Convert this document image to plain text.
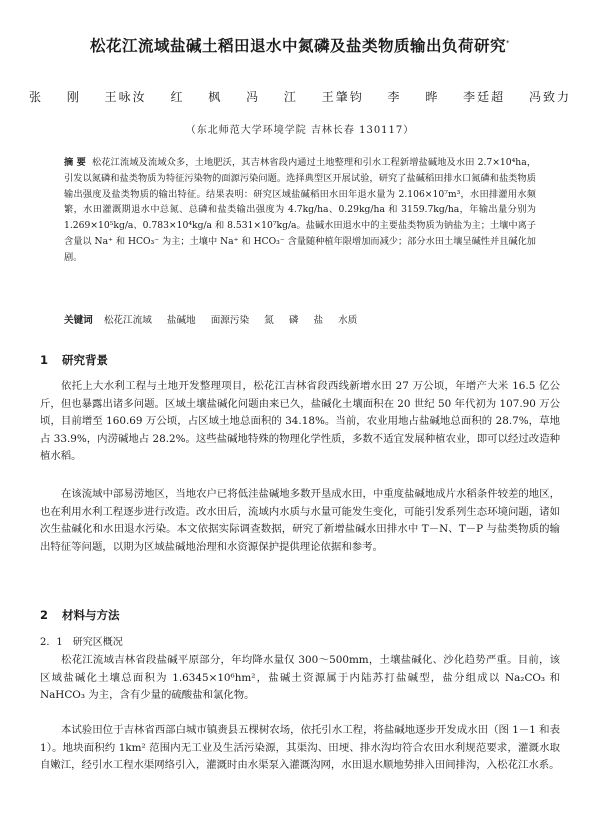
松花江流域盐碱土稻田退水中氮磷及盐类物质输出负荷研究*
张 刚 王咏汝 红 枫 冯 江 王肇钧 李 晔 李廷超 冯致力
（东北师范大学环境学院 吉林长春 130117）
摘 要 松花江流域及流域众多，土地肥沃，其吉林省段内通过土地整理和引水工程新增盐碱地及水田 2.7×10⁴ha，引发以氮磷和盐类物质为特征污染物的面源污染问题。选择典型区开展试验，研究了盐碱稻田排水口氮磷和盐类物质输出强度及盐类物质的输出特征。结果表明：研究区域盐碱稻田水田年退水量为 2.106×10⁷m³，水田排灌用水频繁，水田灌溉期退水中总氮、总磷和盐类输出强度为 4.7kg/ha、0.29kg/ha 和 3159.7kg/ha，年输出量分别为 1.269×10⁵kg/a、0.783×10⁴kg/a 和 8.531×10⁷kg/a。盐碱水田退水中的主要盐类物质为钠盐为主；土壤中离子含量以 Na⁺ 和 HCO₃⁻ 为主；土壤中 Na⁺ 和 HCO₃⁻ 含量随种植年限增加而减少；部分水田土壤呈碱性并且碱化加剧。
关键词 松花江流域 盐碱地 面源污染 氮 磷 盐 水质
1 研究背景
依托上大水利工程与土地开发整理项目，松花江吉林省段西线新增水田 27 万公顷，年增产大米 16.5 亿公斤，但也暴露出诸多问题。区域土壤盐碱化问题由来已久，盐碱化土壤面积在 20 世纪 50 年代初为 107.90 万公顷，目前增至 160.69 万公顷，占区域土地总面积的 34.18%。当前，农业用地占盐碱地总面积的 28.7%，草地占 33.9%，内涝碱地占 28.2%。这些盐碱地特殊的物理化学性质，多数不适宜发展种植农业，即可以经过改造种植水稻。
在该流域中部易涝地区，当地农户已将低洼盐碱地多数开垦成水田，中重度盐碱地成片水稻条件较差的地区，也在利用水利工程逐步进行改造。改水田后，流域内水质与水量可能发生变化，可能引发系列生态环境问题，诸如次生盐碱化和水田退水污染。本文依据实际调查数据，研究了新增盐碱水田排水中 T－N、T－P 与盐类物质的输出特征等问题，以期为区域盐碱地治理和水资源保护提供理论依据和参考。
2 材料与方法
2．1 研究区概况
松花江流域吉林省段盐碱平原部分，年均降水量仅 300～500mm，土壤盐碱化、沙化趋势严重。目前，该区域盐碱化土壤总面积为 1.6345×10⁶hm²，盐碱土资源属于内陆苏打盐碱型，盐分组成以 Na₂CO₃ 和 NaHCO₃ 为主，含有少量的硫酸盐和氯化物。
本试验田位于吉林省西部白城市镇赉县五棵树农场，依托引水工程，将盐碱地逐步开发成水田（图 1－1 和表 1）。地块面积约 1km² 范围内无工业及生活污染源，其渠沟、田埂、排水沟均符合农田水利规范要求，灌溉水取自嫩江，经引水工程水渠网络引入，灌溉时由水渠泵入灌溉沟网，水田退水顺地势排入田间排沟，入松花江水系。
